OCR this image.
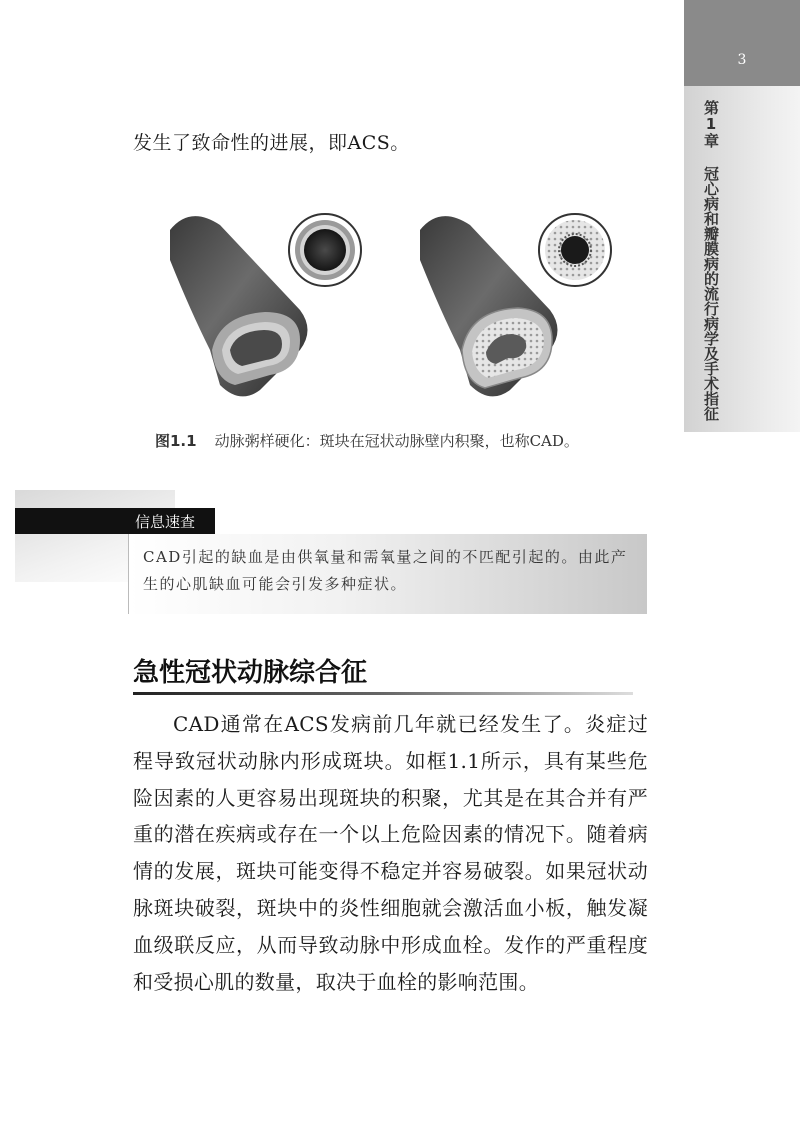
3
第1章 冠心病和瓣膜病的流行病学及手术指征
发生了致命性的进展，即ACS。
图1.1 动脉粥样硬化：斑块在冠状动脉壁内积聚，也称CAD。
信息速查
CAD引起的缺血是由供氧量和需氧量之间的不匹配引起的。由此产生的心肌缺血可能会引发多种症状。
急性冠状动脉综合征

CAD通常在ACS发病前几年就已经发生了。炎症过程导致冠状动脉内形成斑块。如框1.1所示，具有某些危险因素的人更容易出现斑块的积聚，尤其是在其合并有严重的潜在疾病或存在一个以上危险因素的情况下。随着病情的发展，斑块可能变得不稳定并容易破裂。如果冠状动脉斑块破裂，斑块中的炎性细胞就会激活血小板，触发凝血级联反应，从而导致动脉中形成血栓。发作的严重程度和受损心肌的数量，取决于血栓的影响范围。
